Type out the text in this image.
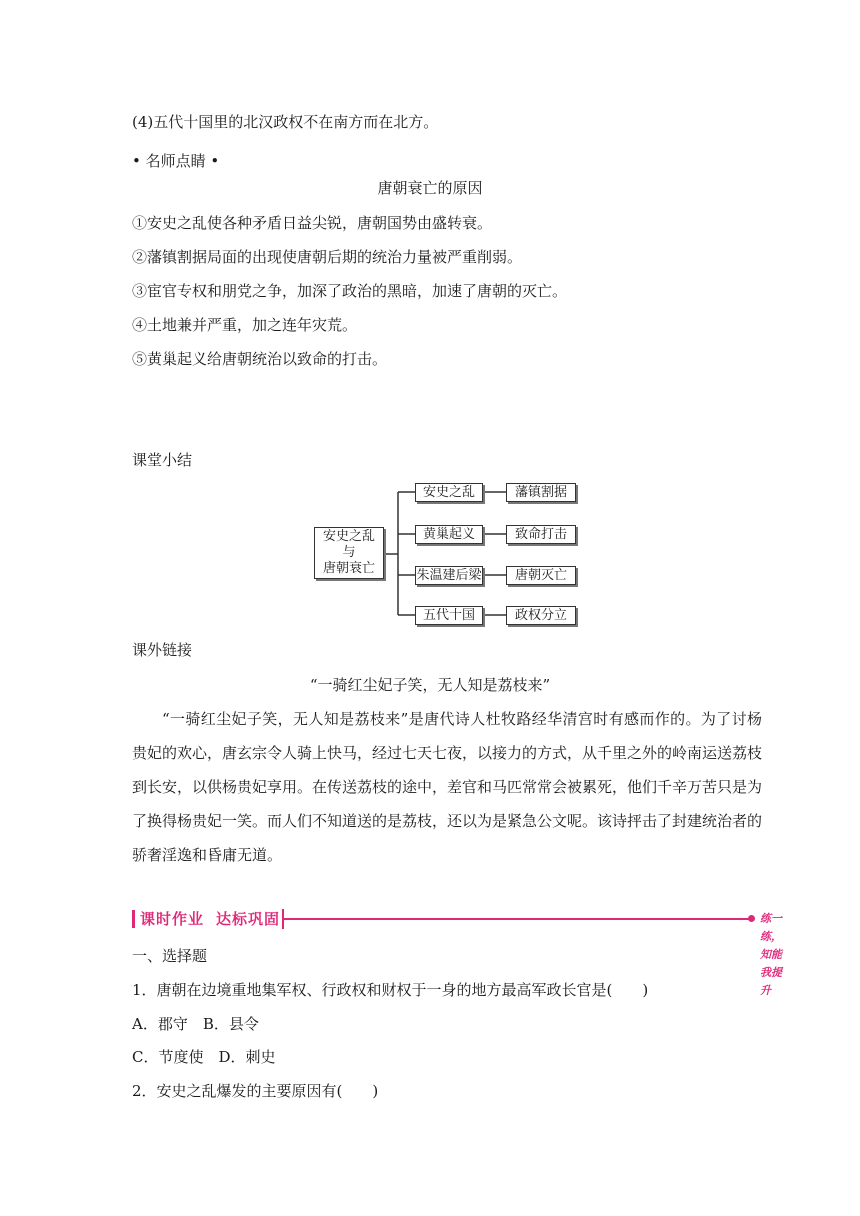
(4)五代十国里的北汉政权不在南方而在北方。
• 名师点睛 •
唐朝衰亡的原因
①安史之乱使各种矛盾日益尖锐，唐朝国势由盛转衰。
②藩镇割据局面的出现使唐朝后期的统治力量被严重削弱。
③宦官专权和朋党之争，加深了政治的黑暗，加速了唐朝的灭亡。
④土地兼并严重，加之连年灾荒。
⑤黄巢起义给唐朝统治以致命的打击。
课堂小结
安史之乱
与
唐朝衰亡
安史之乱	藩镇割据
黄巢起义	致命打击
朱温建后梁	唐朝灭亡
五代十国	政权分立
课外链接
“一骑红尘妃子笑，无人知是荔枝来”
“一骑红尘妃子笑，无人知是荔枝来”是唐代诗人杜牧路经华清宫时有感而作的。为了讨杨贵妃的欢心，唐玄宗令人骑上快马，经过七天七夜，以接力的方式，从千里之外的岭南运送荔枝到长安，以供杨贵妃享用。在传送荔枝的途中，差官和马匹常常会被累死，他们千辛万苦只是为了换得杨贵妃一笑。而人们不知道送的是荔枝，还以为是紧急公文呢。该诗抨击了封建统治者的骄奢淫逸和昏庸无道。
课时作业 达标巩固	练一练，知能我提升
一、选择题
1．唐朝在边境重地集军权、行政权和财权于一身的地方最高军政长官是(　　)
A．郡守　B．县令
C．节度使　D．刺史
2．安史之乱爆发的主要原因有(　　)
